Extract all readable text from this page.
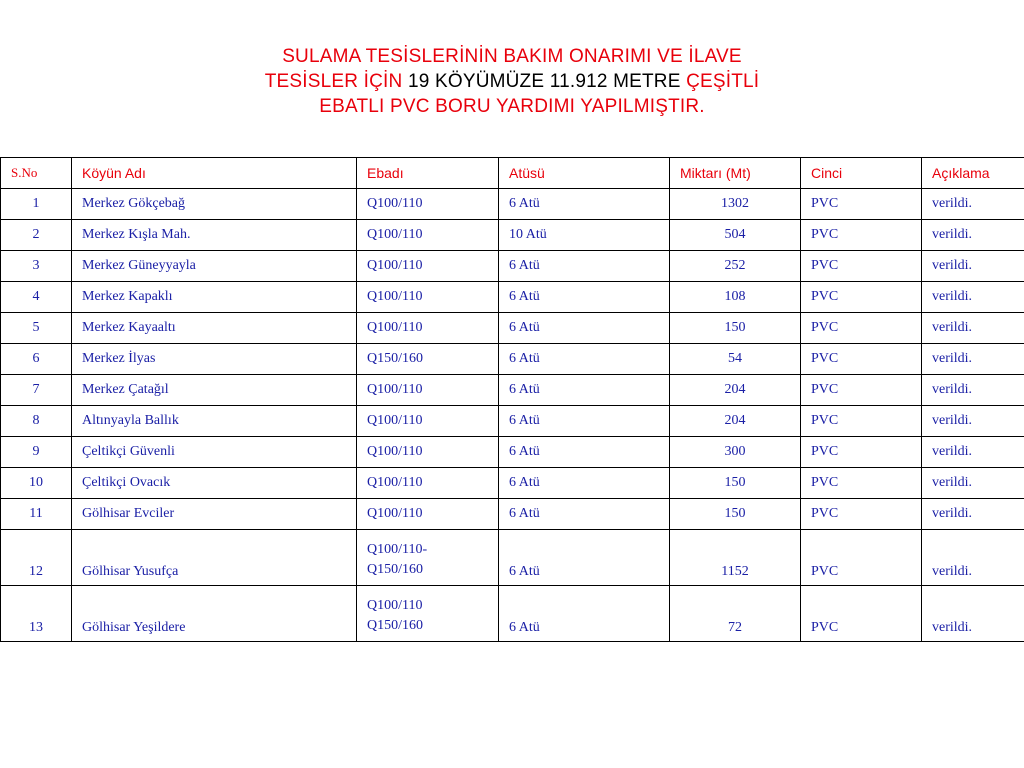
SULAMA TESİSLERİNİN BAKIM ONARIMI VE İLAVE
TESİSLER İÇİN 19 KÖYÜMÜZE 11.912 METRE ÇEŞİTLİ
EBATLI PVC BORU YARDIMI YAPILMIŞTIR.
S.No	Köyün Adı	Ebadı	Atüsü	Miktarı (Mt)	Cinci	Açıklama
1	Merkez Gökçebağ	Q100/110	6 Atü	1302	PVC	verildi.
2	Merkez Kışla Mah.	Q100/110	10 Atü	504	PVC	verildi.
3	Merkez Güneyyayla	Q100/110	6 Atü	252	PVC	verildi.
4	Merkez Kapaklı	Q100/110	6 Atü	108	PVC	verildi.
5	Merkez Kayaaltı	Q100/110	6 Atü	150	PVC	verildi.
6	Merkez İlyas	Q150/160	6 Atü	54	PVC	verildi.
7	Merkez Çatağıl	Q100/110	6 Atü	204	PVC	verildi.
8	Altınyayla Ballık	Q100/110	6 Atü	204	PVC	verildi.
9	Çeltikçi Güvenli	Q100/110	6 Atü	300	PVC	verildi.
10	Çeltikçi Ovacık	Q100/110	6 Atü	150	PVC	verildi.
11	Gölhisar Evciler	Q100/110	6 Atü	150	PVC	verildi.
12	Gölhisar Yusufça	Q100/110-
Q150/160	6 Atü	1152	PVC	verildi.
13	Gölhisar Yeşildere	Q100/110
Q150/160	6 Atü	72	PVC	verildi.
